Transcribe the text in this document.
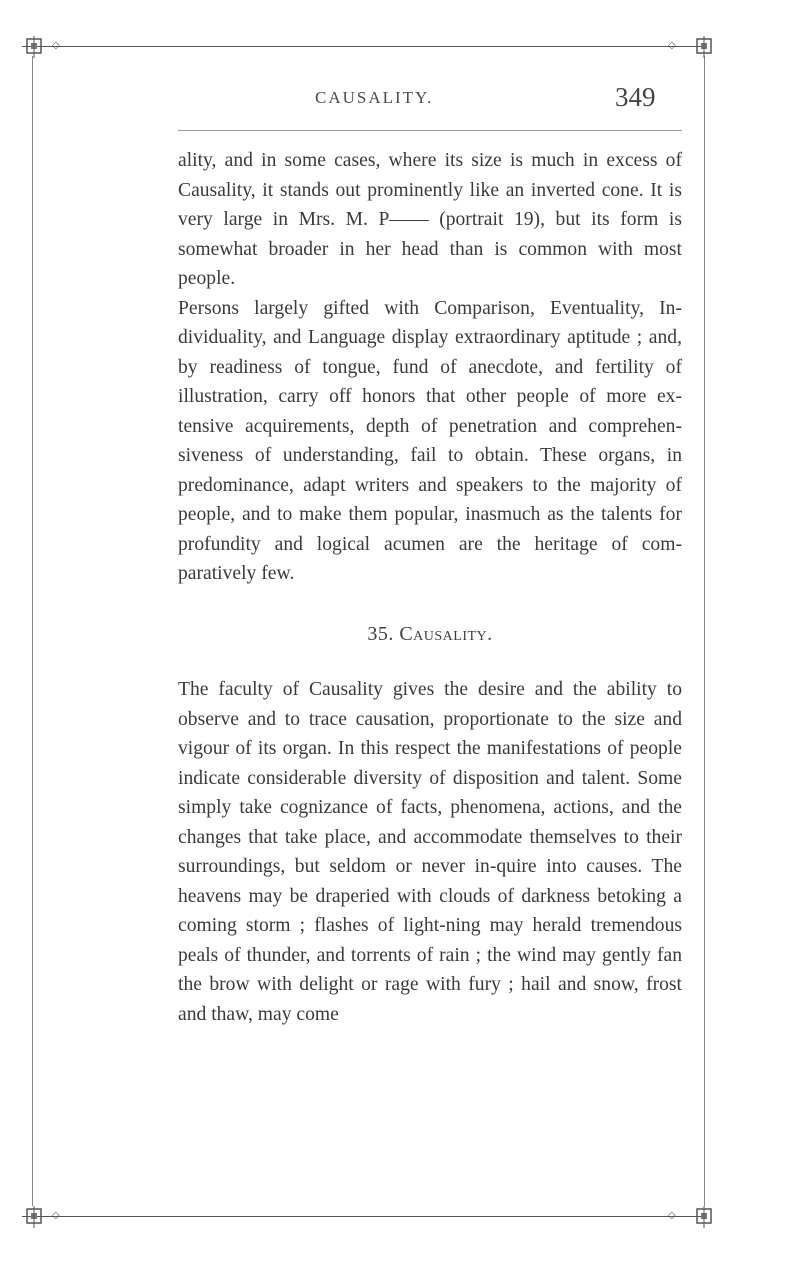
◇	◇
◇	◇
CAUSALITY.	349

ality, and in some cases, where its size is much in excess of Causality, it stands out prominently like an inverted cone. It is very large in Mrs. M. P—— (portrait 19), but its form is somewhat broader in her head than is common with most people.

Persons largely gifted with Comparison, Eventuality, In-dividuality, and Language display extraordinary aptitude ; and, by readiness of tongue, fund of anecdote, and fertility of illustration, carry off honors that other people of more ex-tensive acquirements, depth of penetration and comprehen-siveness of understanding, fail to obtain. These organs, in predominance, adapt writers and speakers to the majority of people, and to make them popular, inasmuch as the talents for profundity and logical acumen are the heritage of com-paratively few.

35. Causality.

The faculty of Causality gives the desire and the ability to observe and to trace causation, proportionate to the size and vigour of its organ. In this respect the manifestations of people indicate considerable diversity of disposition and talent. Some simply take cognizance of facts, phenomena, actions, and the changes that take place, and accommodate themselves to their surroundings, but seldom or never in-quire into causes. The heavens may be draperied with clouds of darkness betoking a coming storm ; flashes of light-ning may herald tremendous peals of thunder, and torrents of rain ; the wind may gently fan the brow with delight or rage with fury ; hail and snow, frost and thaw, may come
